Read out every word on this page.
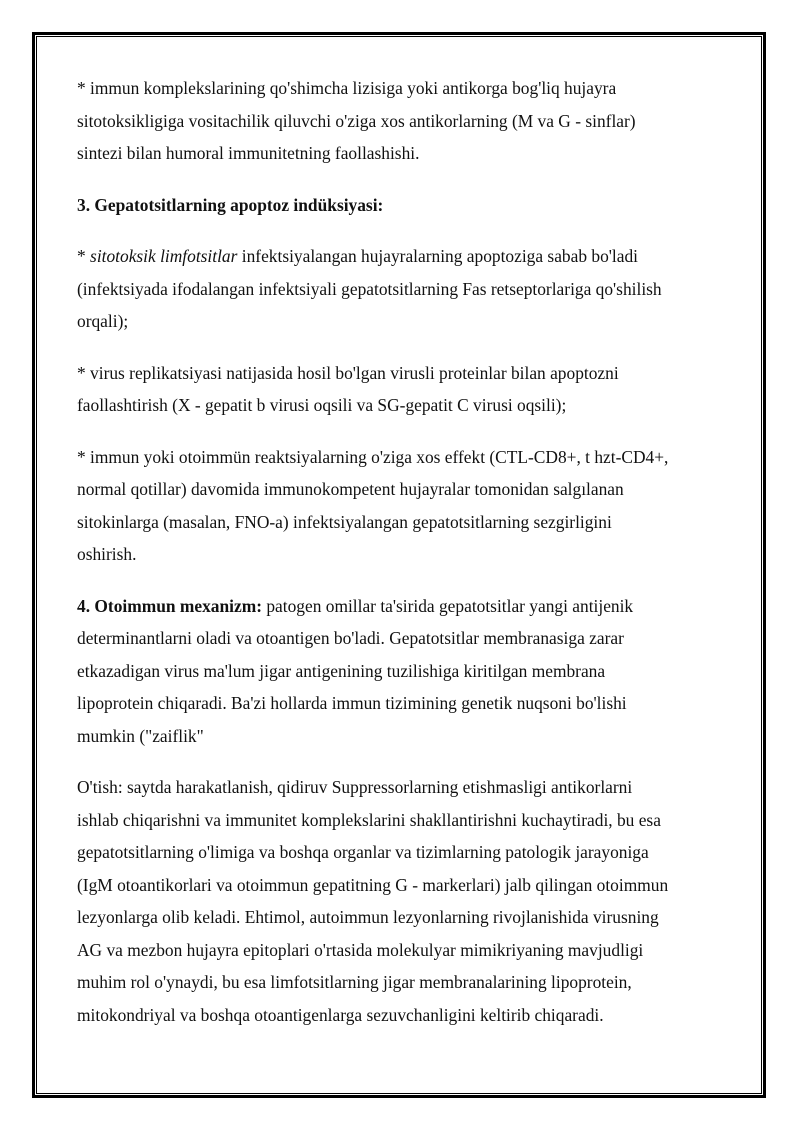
* immun komplekslarining qo'shimcha lizisiga yoki antikorga bog'liq hujayra
sitotoksikligiga vositachilik qiluvchi o'ziga xos antikorlarning (M va G - sinflar)
sintezi bilan humoral immunitetning faollashishi.

3. Gepatotsitlarning apoptoz indüksiyasi:

* sitotoksik limfotsitlar infektsiyalangan hujayralarning apoptoziga sabab bo'ladi
(infektsiyada ifodalangan infektsiyali gepatotsitlarning Fas retseptorlariga qo'shilish
orqali);

* virus replikatsiyasi natijasida hosil bo'lgan virusli proteinlar bilan apoptozni
faollashtirish (X - gepatit b virusi oqsili va SG-gepatit C virusi oqsili);

* immun yoki otoimmün reaktsiyalarning o'ziga xos effekt (CTL-CD8+, t hzt-CD4+,
normal qotillar) davomida immunokompetent hujayralar tomonidan salgılanan
sitokinlarga (masalan, FNO-a) infektsiyalangan gepatotsitlarning sezgirligini
oshirish.

4. Otoimmun mexanizm: patogen omillar ta'sirida gepatotsitlar yangi antijenik
determinantlarni oladi va otoantigen bo'ladi. Gepatotsitlar membranasiga zarar
etkazadigan virus ma'lum jigar antigenining tuzilishiga kiritilgan membrana
lipoprotein chiqaradi. Ba'zi hollarda immun tizimining genetik nuqsoni bo'lishi
mumkin ("zaiflik"

O'tish: saytda harakatlanish, qidiruv Suppressorlarning etishmasligi antikorlarni
ishlab chiqarishni va immunitet komplekslarini shakllantirishni kuchaytiradi, bu esa
gepatotsitlarning o'limiga va boshqa organlar va tizimlarning patologik jarayoniga
(IgM otoantikorlari va otoimmun gepatitning G - markerlari) jalb qilingan otoimmun
lezyonlarga olib keladi. Ehtimol, autoimmun lezyonlarning rivojlanishida virusning
AG va mezbon hujayra epitoplari o'rtasida molekulyar mimikriyaning mavjudligi
muhim rol o'ynaydi, bu esa limfotsitlarning jigar membranalarining lipoprotein,
mitokondriyal va boshqa otoantigenlarga sezuvchanligini keltirib chiqaradi.
